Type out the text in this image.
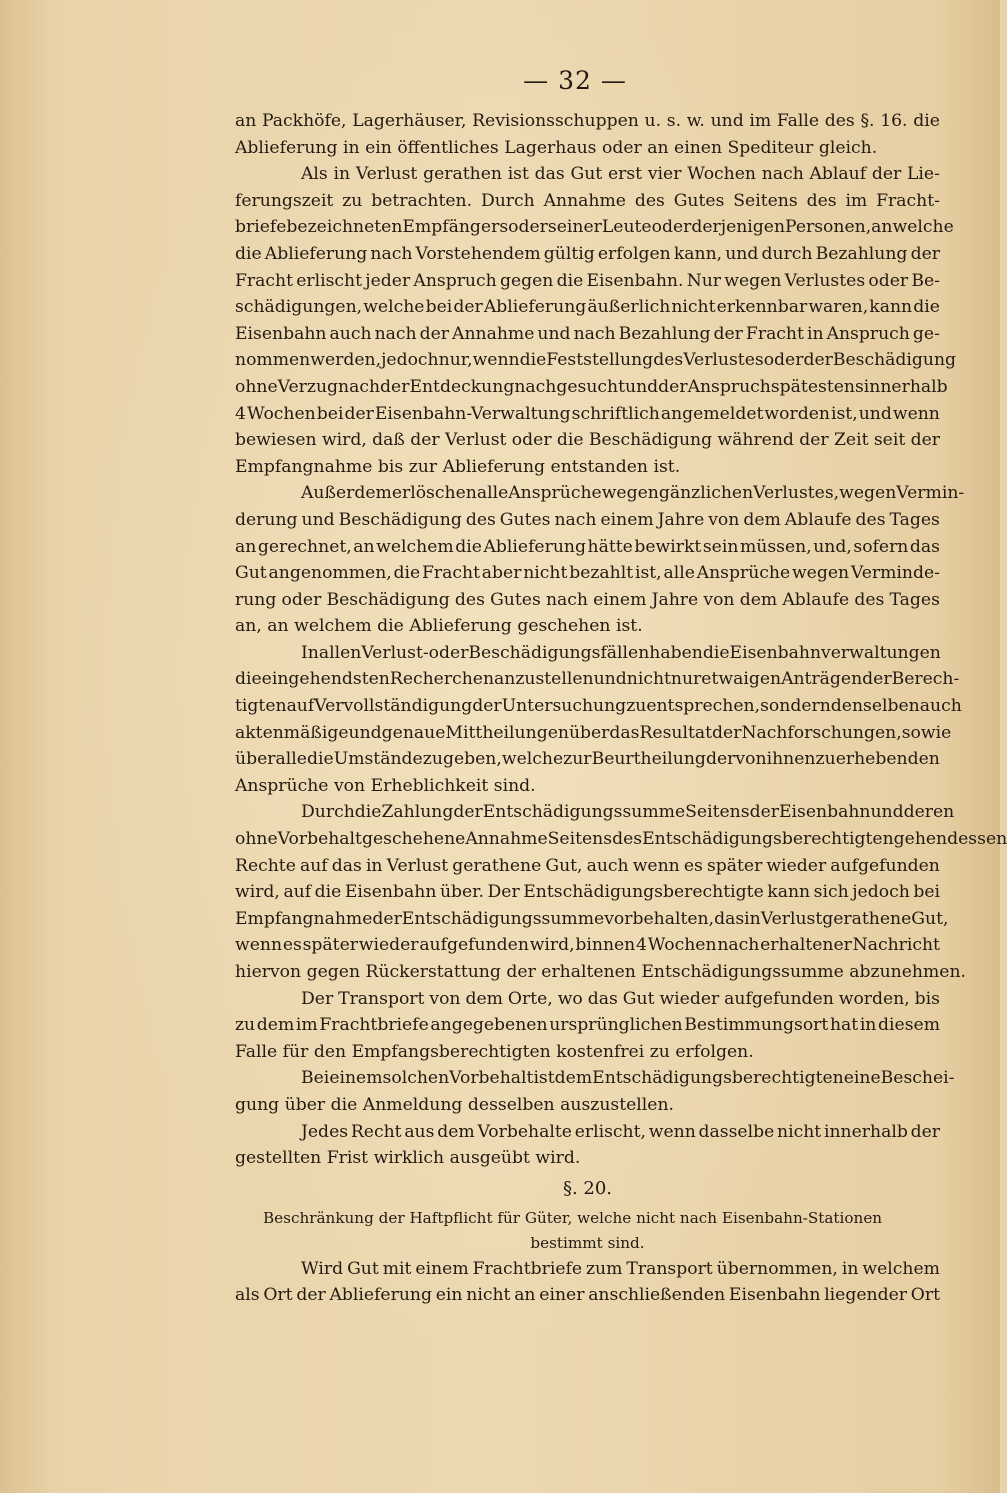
— 32 —
an Packhöfe, Lagerhäuser, Revisionsschuppen u. s. w. und im Falle des §. 16. die
Ablieferung in ein öffentliches Lagerhaus oder an einen Spediteur gleich.
Als in Verlust gerathen ist das Gut erst vier Wochen nach Ablauf der Lie-
ferungszeit zu betrachten. Durch Annahme des Gutes Seitens des im Fracht-
briefe bezeichneten Empfängers oder seiner Leute oder derjenigen Personen, an welche
die Ablieferung nach Vorstehendem gültig erfolgen kann, und durch Bezahlung der
Fracht erlischt jeder Anspruch gegen die Eisenbahn. Nur wegen Verlustes oder Be-
schädigungen, welche bei der Ablieferung äußerlich nicht erkennbar waren, kann die
Eisenbahn auch nach der Annahme und nach Bezahlung der Fracht in Anspruch ge-
nommen werden, jedoch nur, wenn die Feststellung des Verlustes oder der Beschädigung
ohne Verzug nach der Entdeckung nachgesucht und der Anspruch spätestens innerhalb
4 Wochen bei der Eisenbahn-Verwaltung schriftlich angemeldet worden ist, und wenn
bewiesen wird, daß der Verlust oder die Beschädigung während der Zeit seit der
Empfangnahme bis zur Ablieferung entstanden ist.
Außerdem erlöschen alle Ansprüche wegen gänzlichen Verlustes, wegen Vermin-
derung und Beschädigung des Gutes nach einem Jahre von dem Ablaufe des Tages
an gerechnet, an welchem die Ablieferung hätte bewirkt sein müssen, und, sofern das
Gut angenommen, die Fracht aber nicht bezahlt ist, alle Ansprüche wegen Verminde-
rung oder Beschädigung des Gutes nach einem Jahre von dem Ablaufe des Tages
an, an welchem die Ablieferung geschehen ist.
In allen Verlust- oder Beschädigungsfällen haben die Eisenbahnverwaltungen
die eingehendsten Recherchen anzustellen und nicht nur etwaigen Anträgen der Berech-
tigten auf Vervollständigung der Untersuchung zu entsprechen, sondern denselben auch
aktenmäßige und genaue Mittheilungen über das Resultat der Nachforschungen, sowie
über alle die Umstände zu geben, welche zur Beurtheilung der von ihnen zu erhebenden
Ansprüche von Erheblichkeit sind.
Durch die Zahlung der Entschädigungssumme Seitens der Eisenbahn und deren
ohne Vorbehalt geschehene Annahme Seitens des Entschädigungsberechtigten gehen dessen
Rechte auf das in Verlust gerathene Gut, auch wenn es später wieder aufgefunden
wird, auf die Eisenbahn über. Der Entschädigungsberechtigte kann sich jedoch bei
Empfangnahme der Entschädigungssumme vorbehalten, das in Verlust gerathene Gut,
wenn es später wieder aufgefunden wird, binnen 4 Wochen nach erhaltener Nachricht
hiervon gegen Rückerstattung der erhaltenen Entschädigungssumme abzunehmen.
Der Transport von dem Orte, wo das Gut wieder aufgefunden worden, bis
zu dem im Frachtbriefe angegebenen ursprünglichen Bestimmungsort hat in diesem
Falle für den Empfangsberechtigten kostenfrei zu erfolgen.
Bei einem solchen Vorbehalt ist dem Entschädigungsberechtigten eine Beschei-
gung über die Anmeldung desselben auszustellen.
Jedes Recht aus dem Vorbehalte erlischt, wenn dasselbe nicht innerhalb der
gestellten Frist wirklich ausgeübt wird.
§. 20.
Beschränkung der Haftpflicht für Güter, welche nicht nach Eisenbahn-Stationen
bestimmt sind.
Wird Gut mit einem Frachtbriefe zum Transport übernommen, in welchem
als Ort der Ablieferung ein nicht an einer anschließenden Eisenbahn liegender Ort
